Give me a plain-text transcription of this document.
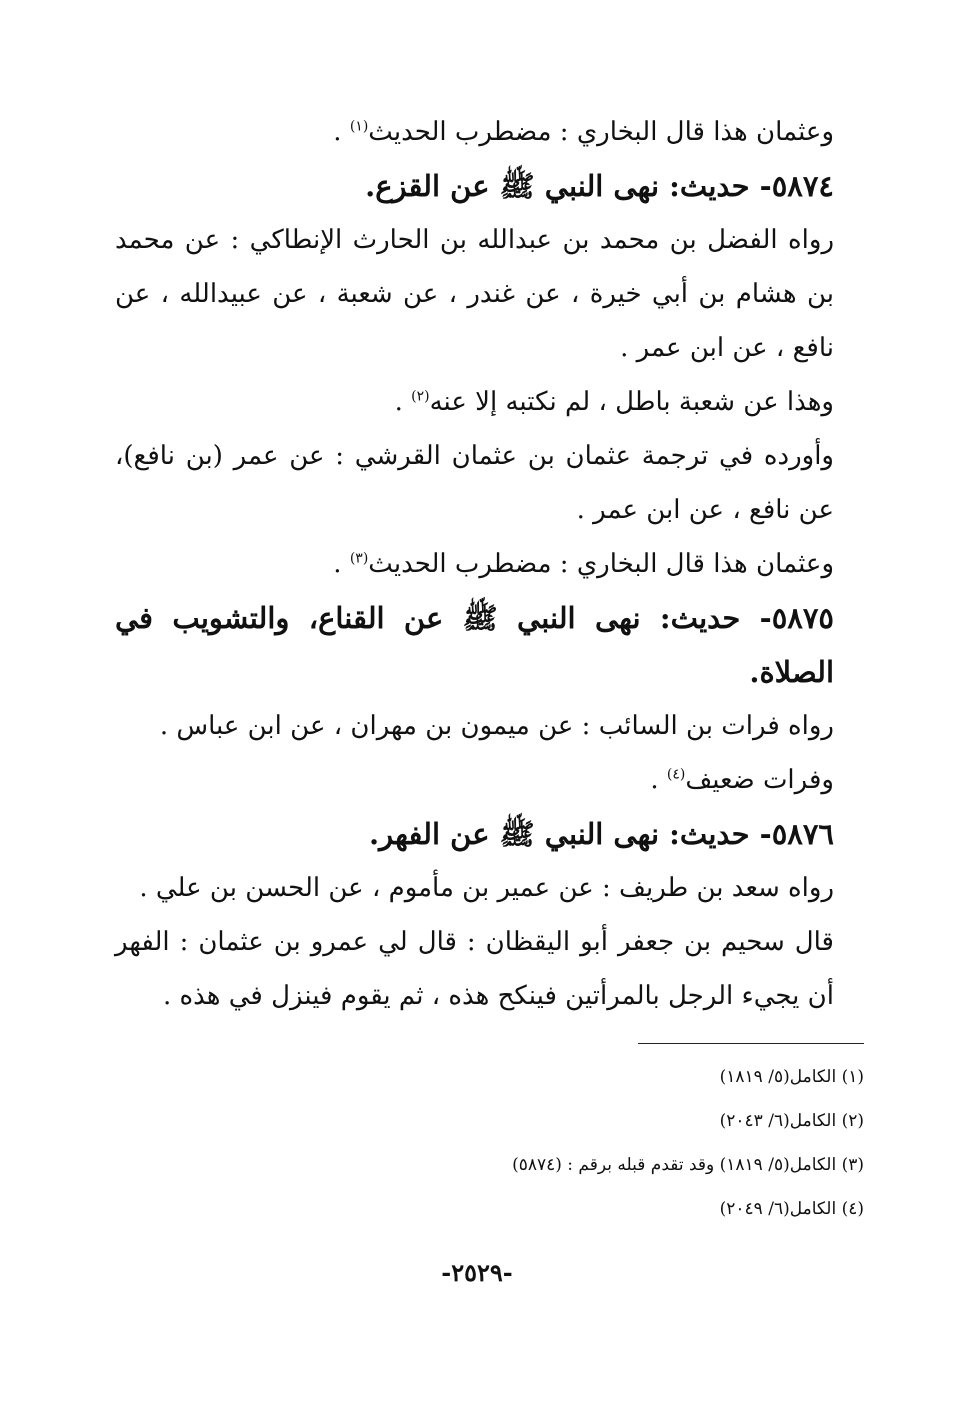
وعثمان هذا قال البخاري : مضطرب الحديث$^{(١)}$ .

٥٨٧٤- حديث: نهى النبي ﷺ عن القزع.

رواه الفضل بن محمد بن عبدالله بن الحارث الإنطاكي : عن محمد بن هشام بن أبي خيرة ، عن غندر ، عن شعبة ، عن عبيدالله ، عن نافع ، عن ابن عمر .

وهذا عن شعبة باطل ، لم نكتبه إلا عنه$^{(٢)}$ .

وأورده في ترجمة عثمان بن عثمان القرشي : عن عمر (بن نافع)، عن نافع ، عن ابن عمر .

وعثمان هذا قال البخاري : مضطرب الحديث$^{(٣)}$ .

٥٨٧٥- حديث: نهى النبي ﷺ عن القناع، والتشويب في الصلاة.

رواه فرات بن السائب : عن ميمون بن مهران ، عن ابن عباس .

وفرات ضعيف$^{(٤)}$ .

٥٨٧٦- حديث: نهى النبي ﷺ عن الفهر.

رواه سعد بن طريف : عن عمير بن مأموم ، عن الحسن بن علي .

قال سحيم بن جعفر أبو اليقظان : قال لي عمرو بن عثمان : الفهر أن يجيء الرجل بالمرأتين فينكح هذه ، ثم يقوم فينزل في هذه .

(١) الكامل(٥/ ١٨١٩)

(٢) الكامل(٦/ ٢٠٤٣)

(٣) الكامل(٥/ ١٨١٩) وقد تقدم قبله برقم : (٥٨٧٤)

(٤) الكامل(٦/ ٢٠٤٩)

-٢٥٢٩-
